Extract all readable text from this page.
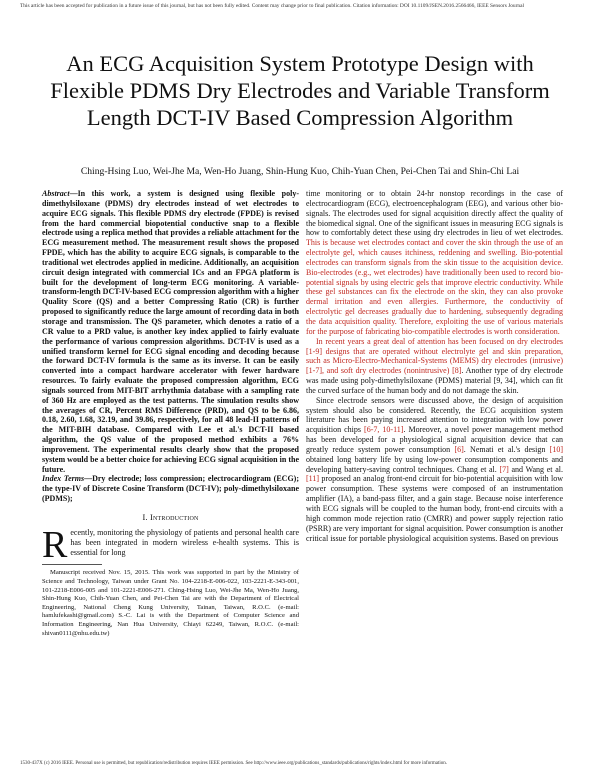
This article has been accepted for publication in a future issue of this journal, but has not been fully edited. Content may change prior to final publication. Citation information: DOI 10.1109/JSEN.2016.2566466, IEEE Sensors Journal
An ECG Acquisition System Prototype Design with Flexible PDMS Dry Electrodes and Variable Transform Length DCT-IV Based Compression Algorithm
Ching-Hsing Luo, Wei-Jhe Ma, Wen-Ho Juang, Shin-Hung Kuo, Chih-Yuan Chen, Pei-Chen Tai and Shin-Chi Lai

Abstract—In this work, a system is designed using flexible poly-dimethylsiloxane (PDMS) dry electrodes instead of wet electrodes to acquire ECG signals. This flexible PDMS dry electrode (FPDE) is revised from the hard commercial biopotential conductive snap to a flexible electrode using a replica method that provides a reliable attachment for the ECG measurement method. The measurement result shows the proposed FPDE, which has the ability to acquire ECG signals, is comparable to the traditional wet electrodes applied in medicine. Additionally, an acquisition circuit design integrated with commercial ICs and an FPGA platform is built for the development of long-term ECG monitoring. A variable-transform-length DCT-IV-based ECG compression algorithm with a higher Quality Score (QS) and a better Compressing Ratio (CR) is further proposed to significantly reduce the large amount of recording data in both storage and transmission. The QS parameter, which denotes a ratio of a CR value to a PRD value, is another key index applied to fairly evaluate the performance of various compression algorithms. DCT-IV is used as a unified transform kernel for ECG signal encoding and decoding because the forward DCT-IV formula is the same as its inverse. It can be easily converted into a compact hardware accelerator with fewer hardware resources. To fairly evaluate the proposed compression algorithm, ECG signals sourced from MIT-BIT arrhythmia database with a sampling rate of 360 Hz are employed as the test patterns. The simulation results show the averages of CR, Percent RMS Difference (PRD), and QS to be 6.86, 0.18, 2.60, 1.68, 32.19, and 39.86, respectively, for all 48 lead-II patterns of the MIT-BIH database. Compared with Lee et al.'s DCT-II based algorithm, the QS value of the proposed method exhibits a 76% improvement. The experimental results clearly show that the proposed system would be a better choice for achieving ECG signal acquisition in the future.

Index Terms—Dry electrode; loss compression; electrocardiogram (ECG); the type-IV of Discrete Cosine Transform (DCT-IV); poly-dimethylsiloxane (PDMS);

I. Introduction

Recently, monitoring the physiology of patients and personal health care has been integrated in modern wireless e-health systems. This is essential for long

Manuscript received Nov. 15, 2015. This work was supported in part by the Ministry of Science and Technology, Taiwan under Grant No. 104-2218-E-006-022, 103-2221-E-343-001, 101-2218-E006-005 and 101-2221-E006-271. Ching-Hsing Luo, Wei-Jhe Ma, Wen-Ho Juang, Shin-Hung Kuo, Chih-Yuan Chen, and Pei-Chen Tai are with the Department of Electrical Engineering, National Cheng Kung University, Tainan, Taiwan, R.O.C. (e-mail: hamlufekashi@gmail.com) S.-C. Lai is with the Department of Computer Science and Information Engineering, Nan Hua University, Chiayi 62249, Taiwan, R.O.C. (e-mail: shivan0111@nhu.edu.tw)

time monitoring or to obtain 24-hr nonstop recordings in the case of electrocardiogram (ECG), electroencephalogram (EEG), and various other bio-signals. The electrodes used for signal acquisition directly affect the quality of the biomedical signal. One of the significant issues in measuring ECG signals is how to comfortably detect these using dry electrodes in lieu of wet electrodes. This is because wet electrodes contact and cover the skin through the use of an electrolyte gel, which causes itchiness, reddening and swelling. Bio-potential electrodes can transform signals from the skin tissue to the acquisition device. Bio-electrodes (e.g., wet electrodes) have traditionally been used to record bio-potential signals by using electric gels that improve electric conductivity. While these gel substances can fix the electrode on the skin, they can also provoke dermal irritation and even allergies. Furthermore, the conductivity of electrolytic gel decreases gradually due to hardening, subsequently degrading the data acquisition quality. Therefore, exploiting the use of various materials for the purpose of fabricating bio-compatible electrodes is worth consideration.

In recent years a great deal of attention has been focused on dry electrodes [1-9] designs that are operated without electrolyte gel and skin preparation, such as Micro-Electro-Mechanical-Systems (MEMS) dry electrodes (intrusive) [1-7], and soft dry electrodes (nonintrusive) [8]. Another type of dry electrode was made using poly-dimethylsiloxane (PDMS) material [9, 34], which can fit the curved surface of the human body and do not damage the skin.

Since electrode sensors were discussed above, the design of acquisition system should also be considered. Recently, the ECG acquisition system literature has been paying increased attention to integration with low power acquisition chips [6-7, 10-11]. Moreover, a novel power management method has been developed for a physiological signal acquisition device that can greatly reduce system power consumption [6]. Nemati et al.'s design [10] obtained long battery life by using low-power consumption components and developing battery-saving control techniques. Chang et al. [7] and Wang et al. [11] proposed an analog front-end circuit for bio-potential acquisition with low power consumption. These systems were composed of an instrumentation amplifier (IA), a band-pass filter, and a gain stage. Because noise interference with ECG signals will be coupled to the human body, front-end circuits with a high common mode rejection ratio (CMRR) and power supply rejection ratio (PSRR) are very important for signal acquisition. Power consumption is another critical issue for portable physiological acquisition systems. Based on previous

1530-437X (c) 2016 IEEE. Personal use is permitted, but republication/redistribution requires IEEE permission. See http://www.ieee.org/publications_standards/publications/rights/index.html for more information.
